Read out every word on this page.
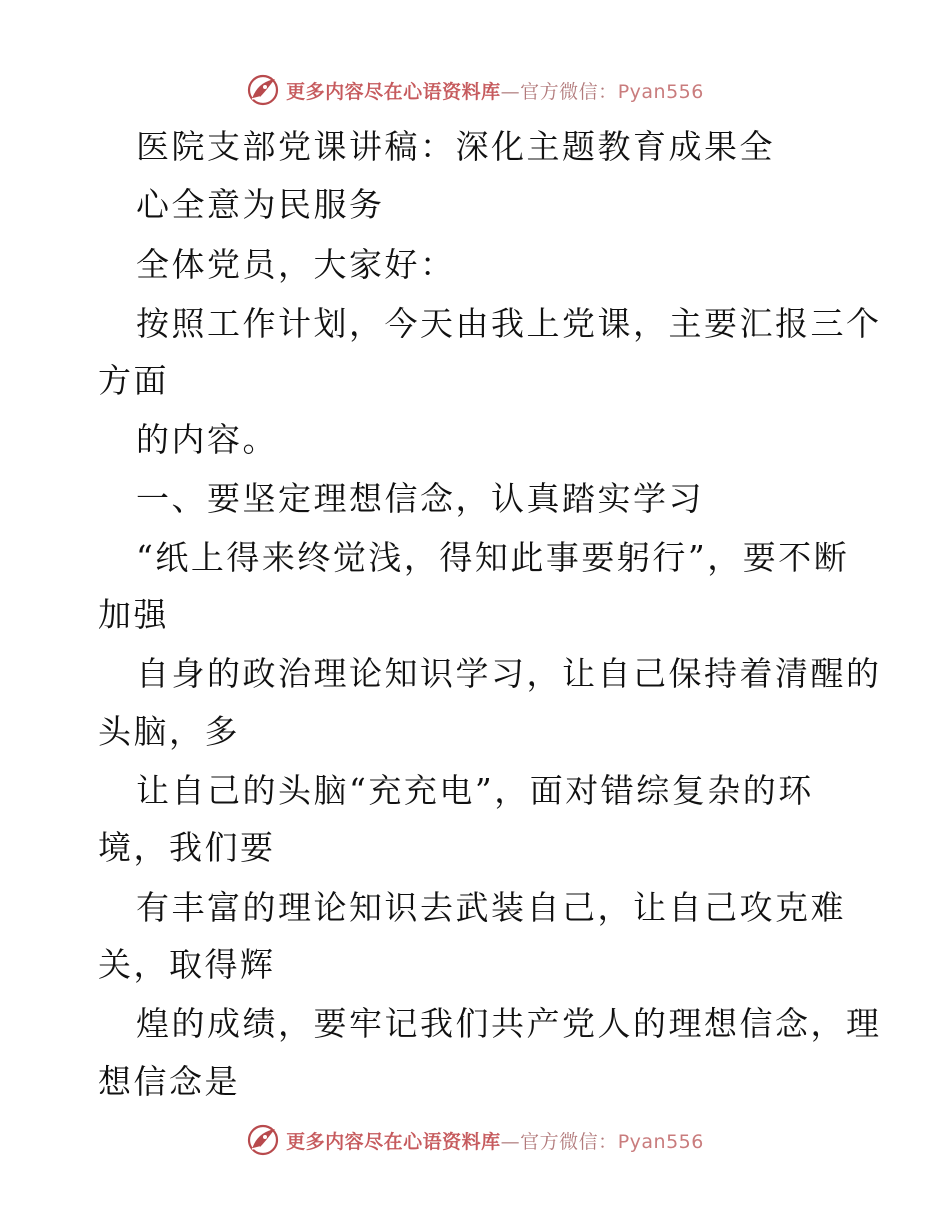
更多内容尽在心语资料库—官方微信：Pyan556
医院支部党课讲稿：深化主题教育成果全
心全意为民服务
全体党员，大家好：
按照工作计划，今天由我上党课，主要汇报三个
方面
的内容。
一、要坚定理想信念，认真踏实学习
“纸上得来终觉浅，得知此事要躬行”，要不断
加强
自身的政治理论知识学习，让自己保持着清醒的
头脑，多
让自己的头脑“充充电”，面对错综复杂的环
境，我们要
有丰富的理论知识去武装自己，让自己攻克难
关，取得辉
煌的成绩，要牢记我们共产党人的理想信念，理
想信念是
更多内容尽在心语资料库—官方微信：Pyan556
